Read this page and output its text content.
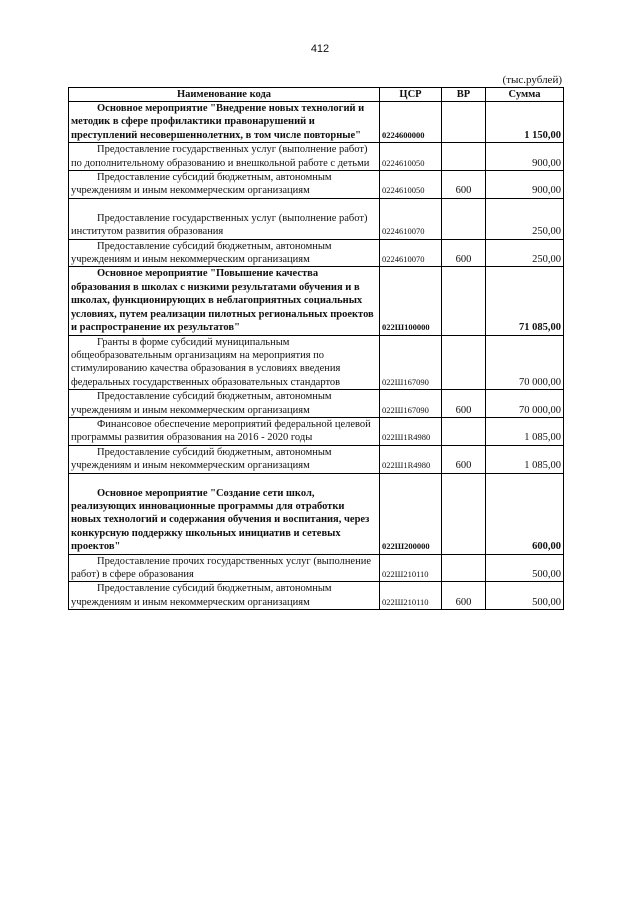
412
(тыс.рублей)
Наименование кода	ЦСР	ВР	Сумма
Основное мероприятие "Внедрение новых технологий и методик в сфере профилактики правонарушений и преступлений несовершеннолетних, в том числе повторные"	0224600000		1 150,00
Предоставление государственных услуг (выполнение работ) по дополнительному образованию и внешкольной работе с детьми	0224610050		900,00
Предоставление субсидий бюджетным, автономным учреждениям и иным некоммерческим организациям	0224610050	600	900,00

Предоставление государственных услуг (выполнение работ) институтом развития образования	0224610070		250,00
Предоставление субсидий бюджетным, автономным учреждениям и иным некоммерческим организациям	0224610070	600	250,00
Основное мероприятие "Повышение качества образования в школах с низкими результатами обучения и в школах, функционирующих в неблагоприятных социальных условиях, путем реализации пилотных региональных проектов и распространение их результатов"	022Ш100000		71 085,00
Гранты в форме субсидий муниципальным общеобразовательным организациям на мероприятия по стимулированию качества образования в условиях введения федеральных государственных образовательных стандартов	022Ш167090		70 000,00
Предоставление субсидий бюджетным, автономным учреждениям и иным некоммерческим организациям	022Ш167090	600	70 000,00
Финансовое обеспечение мероприятий федеральной целевой программы развития образования на 2016 - 2020 годы	022Ш1R4980		1 085,00
Предоставление субсидий бюджетным, автономным учреждениям и иным некоммерческим организациям	022Ш1R4980	600	1 085,00

Основное мероприятие "Создание сети школ, реализующих инновационные программы для отработки новых технологий и содержания обучения и воспитания, через конкурсную поддержку школьных инициатив и сетевых проектов"	022Ш200000		600,00
Предоставление прочих государственных услуг (выполнение работ) в сфере образования	022Ш210110		500,00
Предоставление субсидий бюджетным, автономным учреждениям и иным некоммерческим организациям	022Ш210110	600	500,00
